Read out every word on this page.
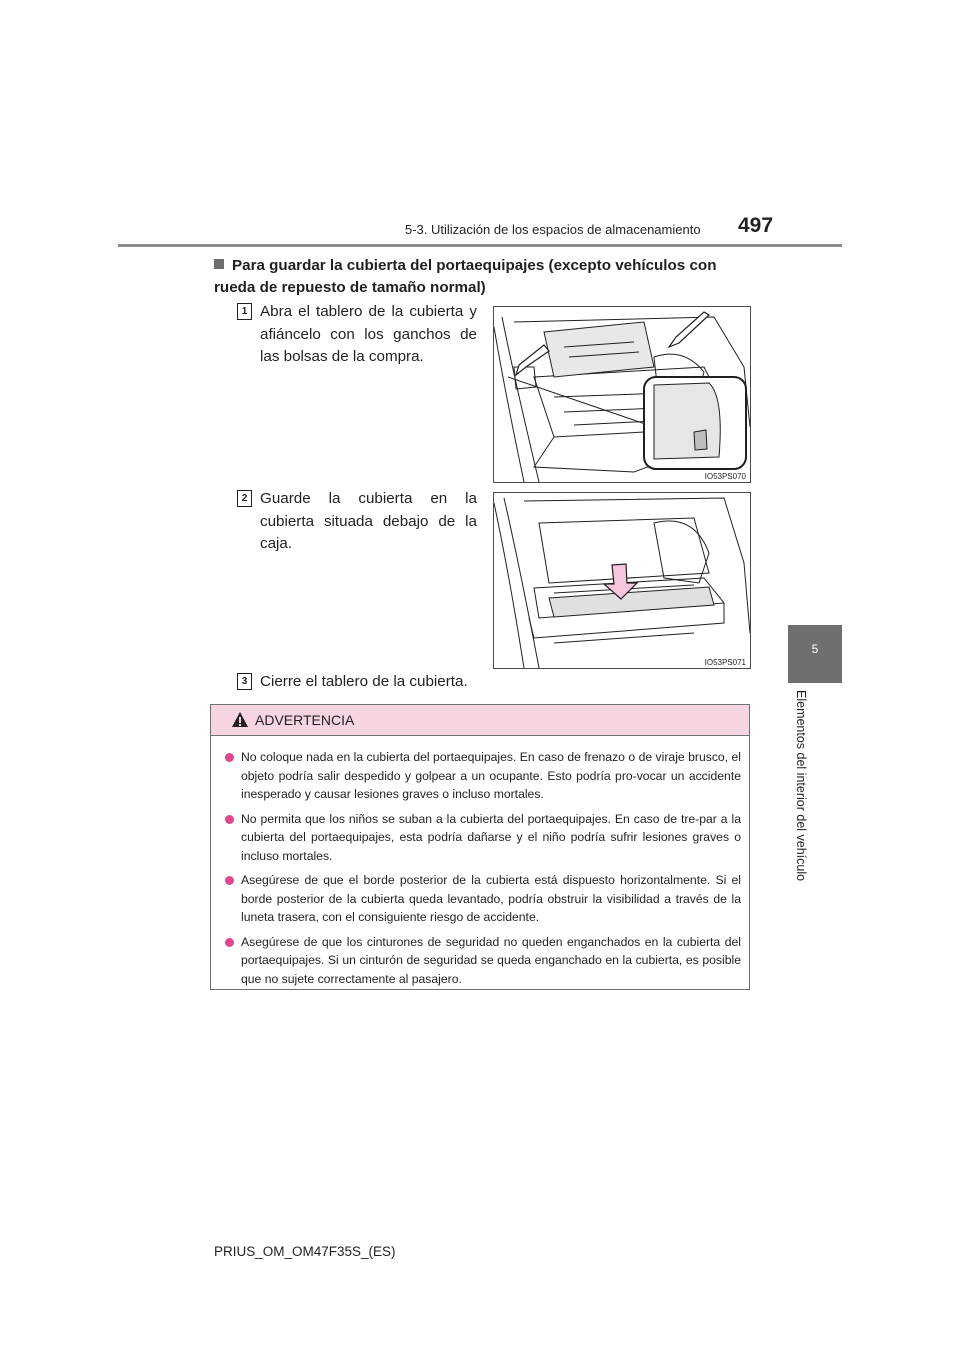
5-3. Utilización de los espacios de almacenamiento 497
5
Elementos del interior del vehículo
Para guardar la cubierta del portaequipajes (excepto vehículos con rueda de repuesto de tamaño normal)
1 Abra el tablero de la cubierta y afiáncelo con los ganchos de las bolsas de la compra.
IO53PS070
2 Guarde la cubierta en la cubierta situada debajo de la caja.
IO53PS071
3 Cierre el tablero de la cubierta.
ADVERTENCIA
No coloque nada en la cubierta del portaequipajes. En caso de frenazo o de viraje brusco, el objeto podría salir despedido y golpear a un ocupante. Esto podría pro-vocar un accidente inesperado y causar lesiones graves o incluso mortales.
No permita que los niños se suban a la cubierta del portaequipajes. En caso de tre-par a la cubierta del portaequipajes, esta podría dañarse y el niño podría sufrir lesiones graves o incluso mortales.
Asegúrese de que el borde posterior de la cubierta está dispuesto horizontalmente. Si el borde posterior de la cubierta queda levantado, podría obstruir la visibilidad a través de la luneta trasera, con el consiguiente riesgo de accidente.
Asegúrese de que los cinturones de seguridad no queden enganchados en la cubierta del portaequipajes. Si un cinturón de seguridad se queda enganchado en la cubierta, es posible que no sujete correctamente al pasajero.
PRIUS_OM_OM47F35S_(ES)
